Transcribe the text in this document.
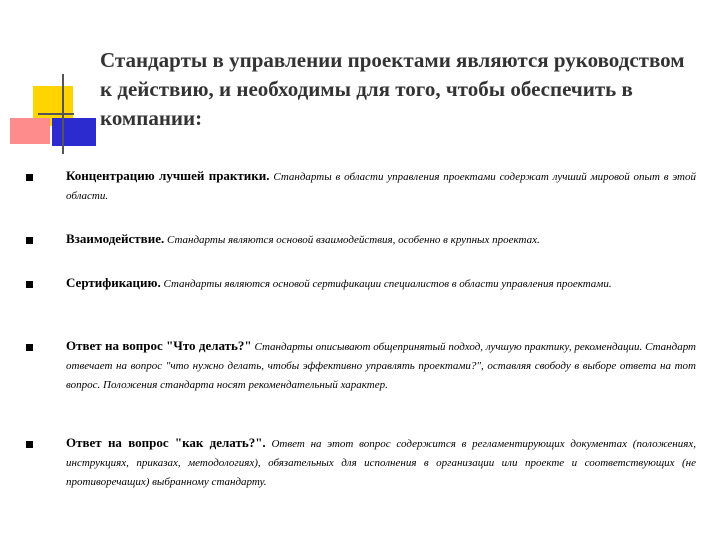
Стандарты в управлении проектами являются руководством к действию, и необходимы для того, чтобы обеспечить в компании:
Концентрацию лучшей практики. Стандарты в области управления проектами содержат лучший мировой опыт в этой области.
Взаимодействие. Стандарты являются основой взаимодействия, особенно в крупных проектах.
Сертификацию. Стандарты являются основой сертификации специалистов в области управления проектами.
Ответ на вопрос "Что делать?" Стандарты описывают общепринятый подход, лучшую практику, рекомендации. Стандарт отвечает на вопрос "что нужно делать, чтобы эффективно управлять проектами?", оставляя свободу в выборе ответа на тот вопрос. Положения стандарта носят рекомендательный характер.
Ответ на вопрос "как делать?". Ответ на этот вопрос содержится в регламентирующих документах (положениях, инструкциях, приказах, методологиях), обязательных для исполнения в организации или проекте и соответствующих (не противоречащих) выбранному стандарту.
